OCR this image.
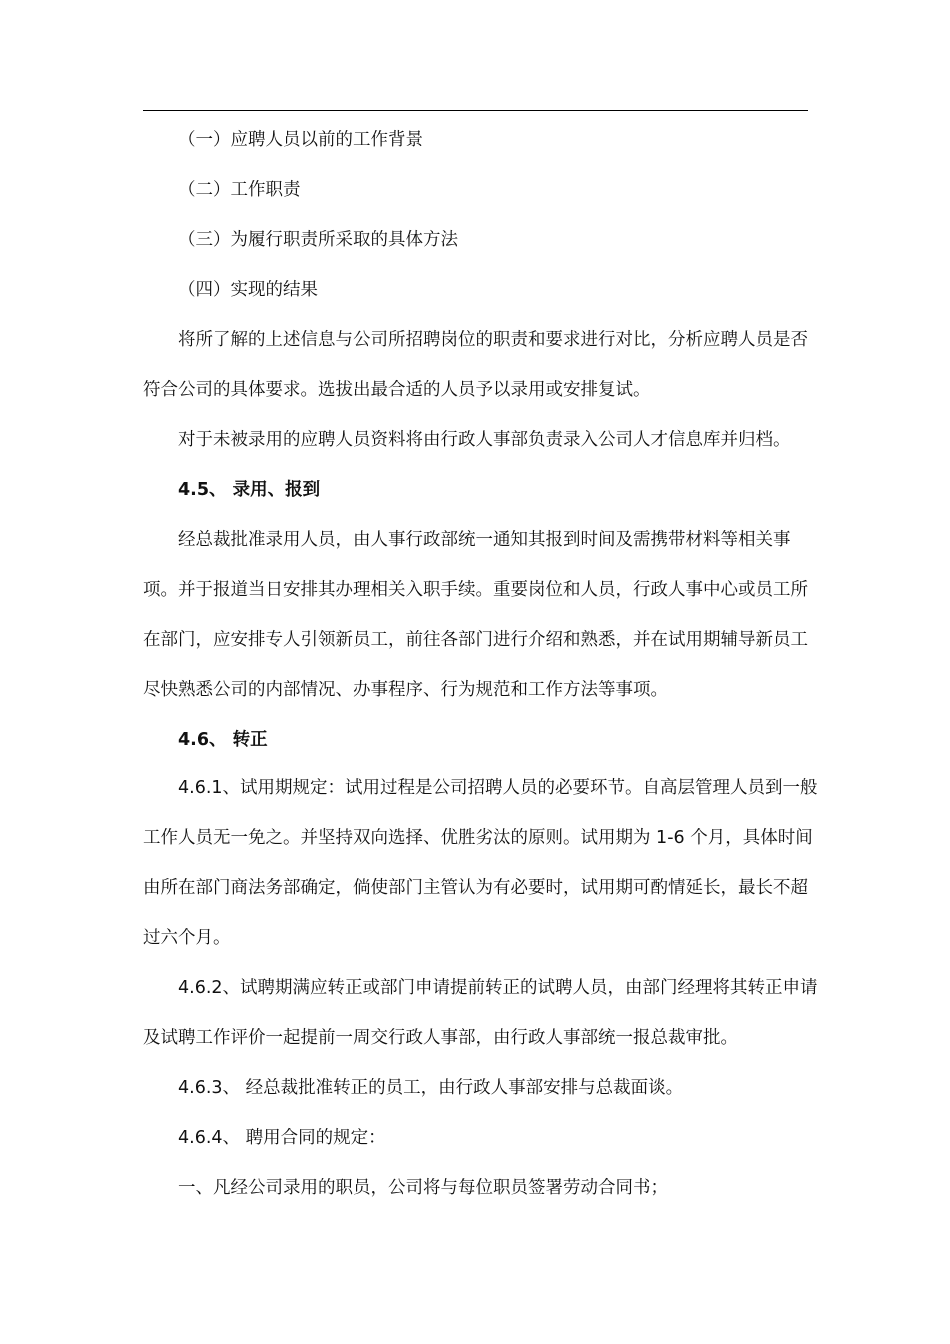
（一）应聘人员以前的工作背景
（二）工作职责
（三）为履行职责所采取的具体方法
（四）实现的结果
将所了解的上述信息与公司所招聘岗位的职责和要求进行对比，分析应聘人员是否
符合公司的具体要求。选拔出最合适的人员予以录用或安排复试。
对于未被录用的应聘人员资料将由行政人事部负责录入公司人才信息库并归档。
4.5、 录用、报到
经总裁批准录用人员，由人事行政部统一通知其报到时间及需携带材料等相关事
项。并于报道当日安排其办理相关入职手续。重要岗位和人员，行政人事中心或员工所
在部门，应安排专人引领新员工，前往各部门进行介绍和熟悉，并在试用期辅导新员工
尽快熟悉公司的内部情况、办事程序、行为规范和工作方法等事项。
4.6、 转正
4.6.1、试用期规定：试用过程是公司招聘人员的必要环节。自高层管理人员到一般
工作人员无一免之。并坚持双向选择、优胜劣汰的原则。试用期为 1-6 个月，具体时间
由所在部门商法务部确定，倘使部门主管认为有必要时，试用期可酌情延长，最长不超
过六个月。
4.6.2、试聘期满应转正或部门申请提前转正的试聘人员，由部门经理将其转正申请
及试聘工作评价一起提前一周交行政人事部，由行政人事部统一报总裁审批。
4.6.3、 经总裁批准转正的员工，由行政人事部安排与总裁面谈。
4.6.4、 聘用合同的规定：
一、凡经公司录用的职员，公司将与每位职员签署劳动合同书；
